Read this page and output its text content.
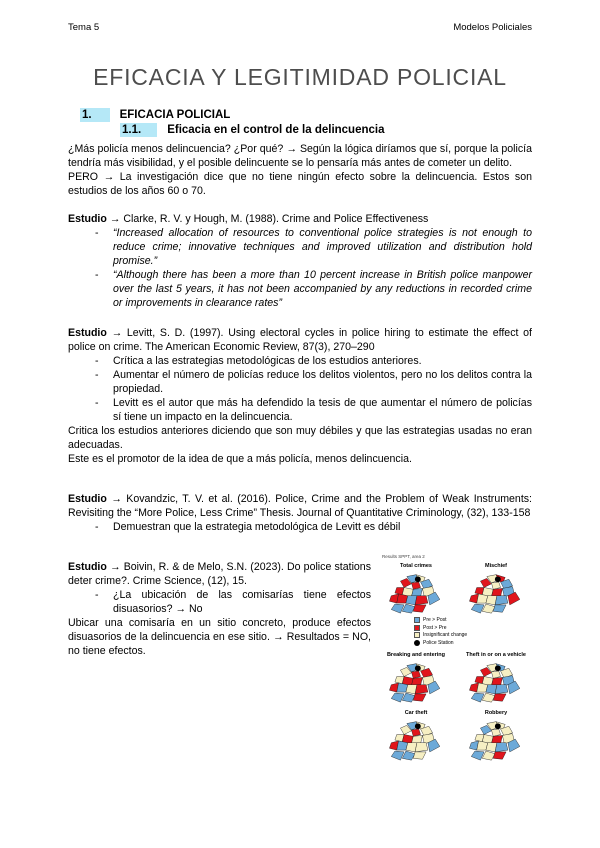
Tema 5	Modelos Policiales
EFICACIA Y LEGITIMIDAD POLICIAL
1. EFICACIA POLICIAL
1.1. Eficacia en el control de la delincuencia

¿Más policía menos delincuencia? ¿Por qué? → Según la lógica diríamos que sí, porque la policía tendría más visibilidad, y el posible delincuente se lo pensaría más antes de cometer un delito.

PERO → La investigación dice que no tiene ningún efecto sobre la delincuencia. Estos son estudios de los años 60 o 70.

Estudio → Clarke, R. V. y Hough, M. (1988). Crime and Police Effectiveness

-	“Increased allocation of resources to conventional police strategies is not enough to reduce crime; innovative techniques and improved utilization and distribution hold promise.”
-	“Although there has been a more than 10 percent increase in British police manpower over the last 5 years, it has not been accompanied by any reductions in recorded crime or improvements in clearance rates”

Estudio → Levitt, S. D. (1997). Using electoral cycles in police hiring to estimate the effect of police on crime. The American Economic Review, 87(3), 270–290

-	Crítica a las estrategias metodológicas de los estudios anteriores.
-	Aumentar el número de policías reduce los delitos violentos, pero no los delitos contra la propiedad.
-	Levitt es el autor que más ha defendido la tesis de que aumentar el número de policías sí tiene un impacto en la delincuencia.

Critica los estudios anteriores diciendo que son muy débiles y que las estrategias usadas no eran adecuadas.

Este es el promotor de la idea de que a más policía, menos delincuencia.

Estudio → Kovandzic, T. V. et al. (2016). Police, Crime and the Problem of Weak Instruments: Revisiting the “More Police, Less Crime” Thesis. Journal of Quantitative Criminology, (32), 133-158

-	Demuestran que la estrategia metodológica de Levitt es débil
Results SPPT, area 2
Total crimes	Mischief
Pre > Post
Post > Pre
Insignificant change
Police Station
Breaking and entering	Theft in or on a vehicle
Car theft	Robbery

Estudio → Boivin, R. & de Melo, S.N. (2023). Do police stations deter crime?. Crime Science, (12), 15.

-	¿La ubicación de las comisarías tiene efectos disuasorios? → No

Ubicar una comisaría en un sitio concreto, produce efectos disuasorios de la delincuencia en ese sitio. → Resultados = NO, no tiene efectos.
